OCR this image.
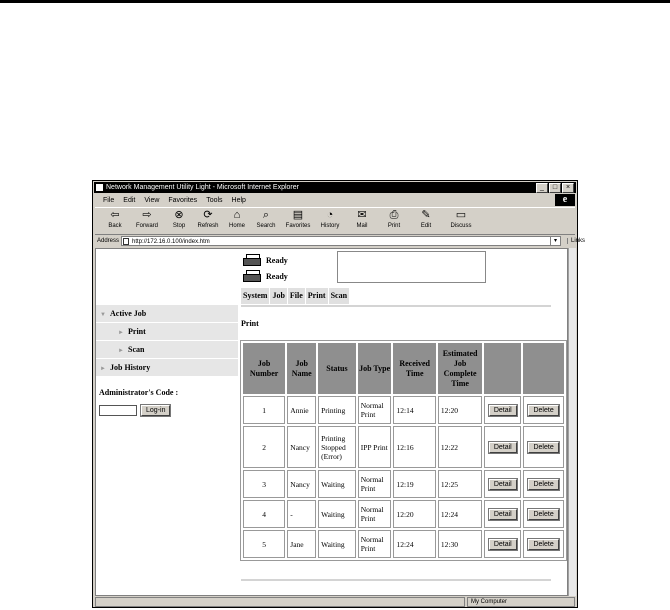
Network Management Utility Light - Microsoft Internet Explorer	_	□	×
File Edit View Favorites Tools Help	e
⇦
Back
⇨
Forward
⊗
Stop
⟳
Refresh
⌂
Home
⌕
Search
▤
Favorites
◔
History
✉
Mail
⎙
Print
✎
Edit
▭
Discuss
Address	http://172.16.0.100/index.htm	▾	Links
Ready
Ready
System Job File Print Scan
▼ Active Job
► Print
► Scan
► Job History
Administrator's Code :
Log-in
Print
Job Number	Job Name	Status	Job Type	Received Time	Estimated Job Complete Time		
1	Annie	Printing	Normal Print	12:14	12:20	Detail	Delete
2	Nancy	Printing Stopped (Error)	IPP Print	12:16	12:22	Detail	Delete
3	Nancy	Waiting	Normal Print	12:19	12:25	Detail	Delete
4	-	Waiting	Normal Print	12:20	12:24	Detail	Delete
5	Jane	Waiting	Normal Print	12:24	12:30	Detail	Delete
My Computer
